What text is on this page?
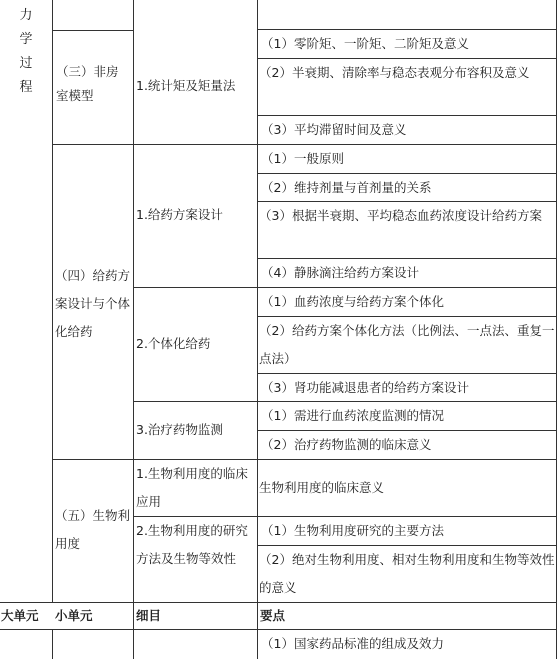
力
学
过
程
（三）非房室模型
1.统计矩及矩量法
（1）零阶矩、一阶矩、二阶矩及意义
（2）半衰期、清除率与稳态表观分布容积及意义
（3）平均滞留时间及意义
（四）给药方案设计与个体化给药
1.给药方案设计
（1）一般原则
（2）维持剂量与首剂量的关系
（3）根据半衰期、平均稳态血药浓度设计给药方案
（4）静脉滴注给药方案设计
2.个体化给药
（1）血药浓度与给药方案个体化
（2）给药方案个体化方法（比例法、一点法、重复一点法）
（3）肾功能减退患者的给药方案设计
3.治疗药物监测
（1）需进行血药浓度监测的情况
（2）治疗药物监测的临床意义
（五）生物利用度
1.生物利用度的临床应用
生物利用度的临床意义
2.生物利用度的研究方法及生物等效性
（1）生物利用度研究的主要方法
（2）绝对生物利用度、相对生物利用度和生物等效性的意义
大单元 小单元	细目	要点
（1）国家药品标准的组成及效力
